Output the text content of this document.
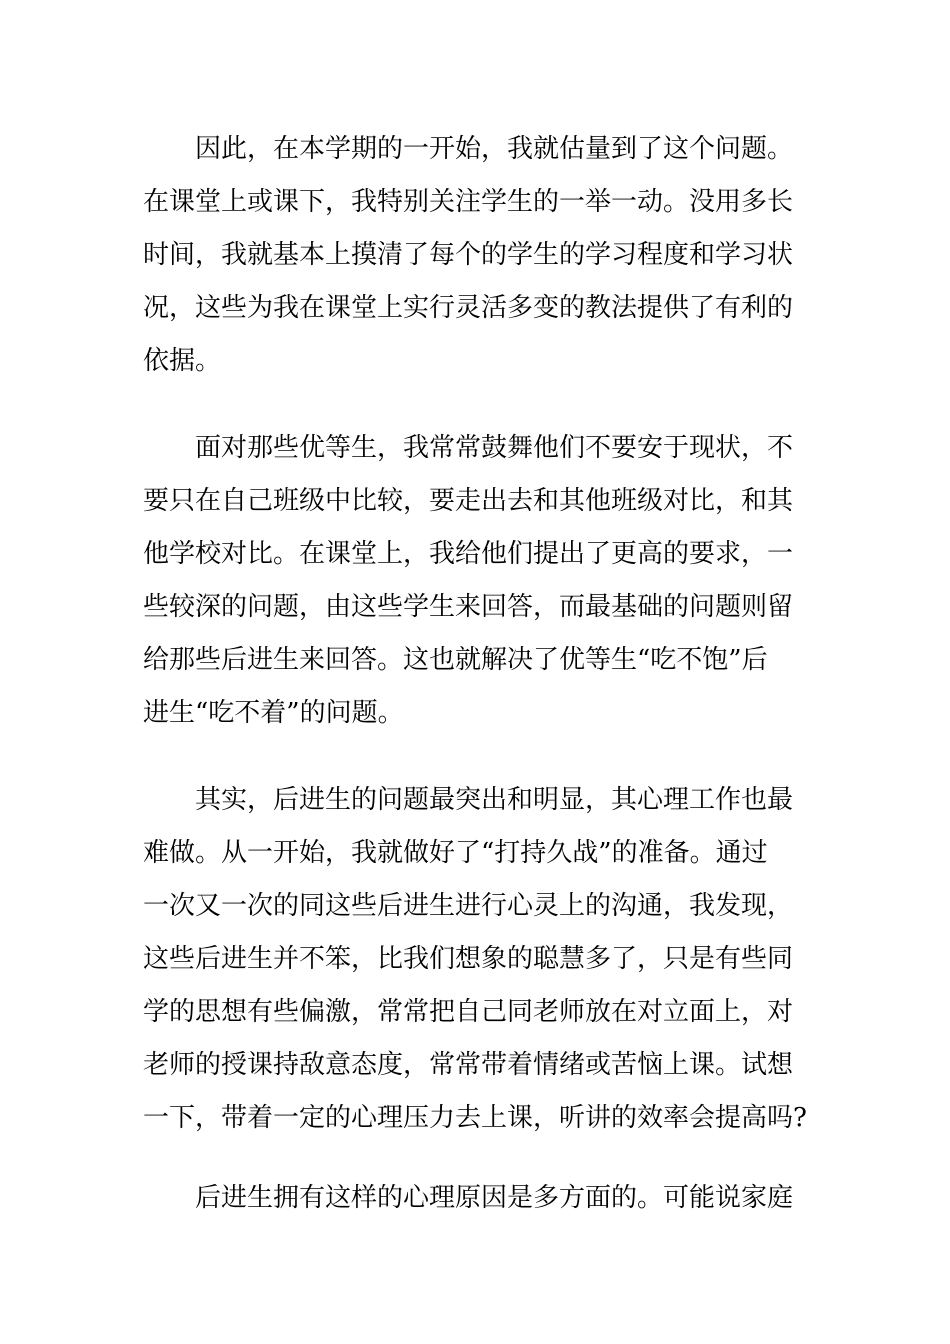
因此，在本学期的一开始，我就估量到了这个问题。
在课堂上或课下，我特别关注学生的一举一动。没用多长
时间，我就基本上摸清了每个的学生的学习程度和学习状
况，这些为我在课堂上实行灵活多变的教法提供了有利的
依据。
面对那些优等生，我常常鼓舞他们不要安于现状，不
要只在自己班级中比较，要走出去和其他班级对比，和其
他学校对比。在课堂上，我给他们提出了更高的要求，一
些较深的问题，由这些学生来回答，而最基础的问题则留
给那些后进生来回答。这也就解决了优等生“吃不饱”后
进生“吃不着”的问题。
其实，后进生的问题最突出和明显，其心理工作也最
难做。从一开始，我就做好了“打持久战”的准备。通过
一次又一次的同这些后进生进行心灵上的沟通，我发现，
这些后进生并不笨，比我们想象的聪慧多了，只是有些同
学的思想有些偏激，常常把自己同老师放在对立面上，对
老师的授课持敌意态度，常常带着情绪或苦恼上课。试想
一下，带着一定的心理压力去上课，听讲的效率会提高吗?
后进生拥有这样的心理原因是多方面的。可能说家庭
